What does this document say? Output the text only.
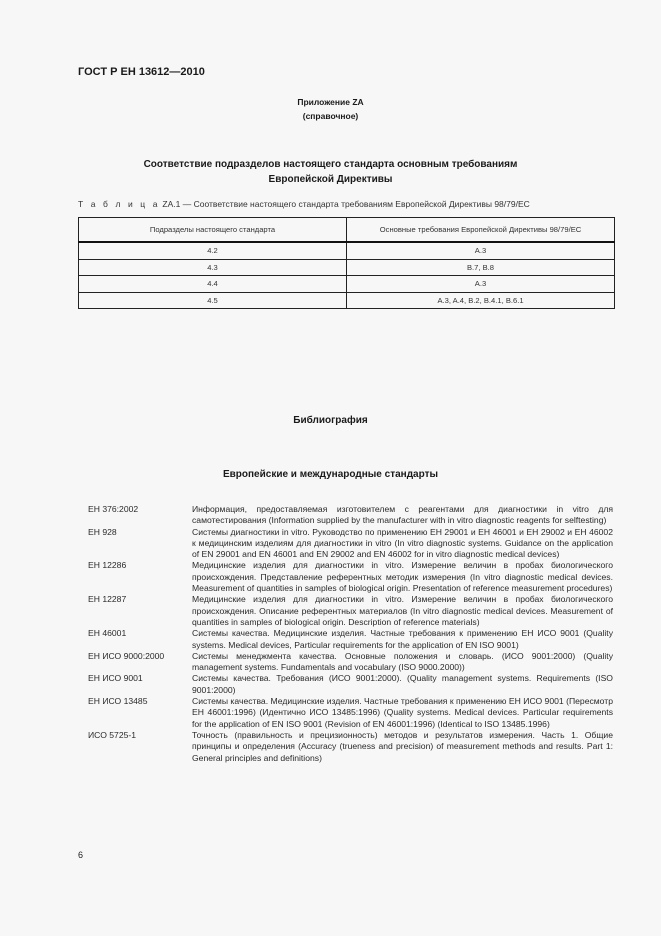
ГОСТ Р ЕН 13612—2010
Приложение ZA
(справочное)
Соответствие подразделов настоящего стандарта основным требованиям
Европейской Директивы
Т а б л и ц а ZA.1 — Соответствие настоящего стандарта требованиям Европейской Директивы 98/79/EC
Подразделы настоящего стандарта	Основные требования Европейской Директивы 98/79/EC
4.2	A.3
4.3	B.7, B.8
4.4	A.3
4.5	A.3, A.4, B.2, B.4.1, B.6.1
Библиография
Европейские и международные стандарты
ЕН 376:2002	Информация, предоставляемая изготовителем с реагентами для диагностики in vitro для самотестирования (Information supplied by the manufacturer with in vitro diagnostic reagents for selftesting)
ЕН 928	Системы диагностики in vitro. Руководство по применению ЕН 29001 и ЕН 46001 и ЕН 29002 и ЕН 46002 к медицинским изделиям для диагностики in vitro (In vitro diagnostic systems. Guidance on the application of EN 29001 and EN 46001 and EN 29002 and EN 46002 for in vitro diagnostic medical devices)
ЕН 12286	Медицинские изделия для диагностики in vitro. Измерение величин в пробах биологического происхождения. Представление референтных методик измерения (In vitro diagnostic medical devices. Measurement of quantities in samples of biological origin. Presentation of reference measurement procedures)
ЕН 12287	Медицинские изделия для диагностики in vitro. Измерение величин в пробах биологического происхождения. Описание референтных материалов (In vitro diagnostic medical devices. Measurement of quantities in samples of biological origin. Description of reference materials)
ЕН 46001	Системы качества. Медицинские изделия. Частные требования к применению ЕН ИСО 9001 (Quality systems. Medical devices, Particular requirements for the application of EN ISO 9001)
ЕН ИСО 9000:2000	Системы менеджмента качества. Основные положения и словарь. (ИСО 9001:2000) (Quality management systems. Fundamentals and vocabulary (ISO 9000.2000))
ЕН ИСО 9001	Системы качества. Требования (ИСО 9001:2000). (Quality management systems. Requirements (ISO 9001:2000)
ЕН ИСО 13485	Системы качества. Медицинские изделия. Частные требования к применению ЕН ИСО 9001 (Пересмотр ЕН 46001:1996) (Идентично ИСО 13485:1996) (Quality systems. Medical devices. Particular requirements for the application of EN ISO 9001 (Revision of EN 46001:1996) (Identical to ISO 13485.1996)
ИСО 5725-1	Точность (правильность и прецизионность) методов и результатов измерения. Часть 1. Общие принципы и определения (Accuracy (trueness and precision) of measurement methods and results. Part 1: General principles and definitions)
6
